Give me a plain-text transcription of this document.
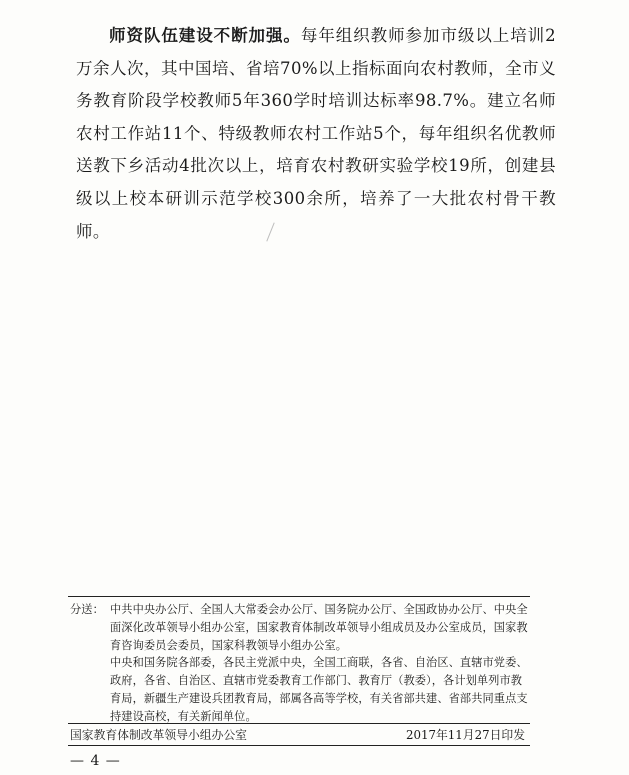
师资队伍建设不断加强。每年组织教师参加市级以上培训2万余人次，其中国培、省培70%以上指标面向农村教师，全市义务教育阶段学校教师5年360学时培训达标率98.7%。建立名师农村工作站11个、特级教师农村工作站5个，每年组织名优教师送教下乡活动4批次以上，培育农村教研实验学校19所，创建县级以上校本研训示范学校300余所，培养了一大批农村骨干教师。
分送： 中共中央办公厅、全国人大常委会办公厅、国务院办公厅、全国政协办公厅、中央全面深化改革领导小组办公室，国家教育体制改革领导小组成员及办公室成员，国家教育咨询委员会委员，国家科教领导小组办公室。
中央和国务院各部委，各民主党派中央，全国工商联，各省、自治区、直辖市党委、政府，各省、自治区、直辖市党委教育工作部门、教育厅（教委），各计划单列市教育局，新疆生产建设兵团教育局，部属各高等学校，有关省部共建、省部共同重点支持建设高校，有关新闻单位。
国家教育体制改革领导小组办公室	2017年11月27日印发
— 4 —
